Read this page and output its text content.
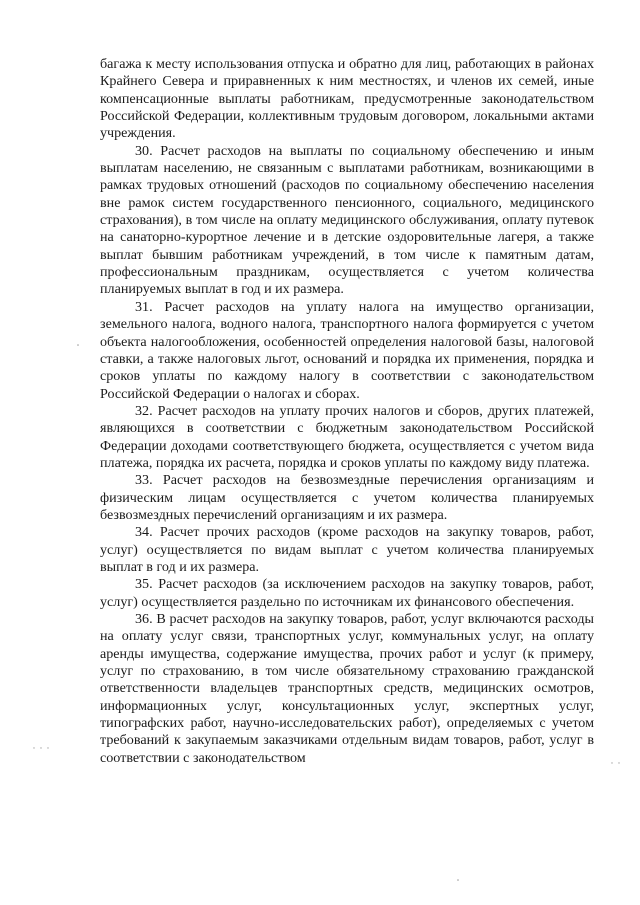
багажа к месту использования отпуска и обратно для лиц, работающих в районах Крайнего Севера и приравненных к ним местностях, и членов их семей, иные компенсационные выплаты работникам, предусмотренные законодательством Российской Федерации, коллективным трудовым договором, локальными актами учреждения.

30. Расчет расходов на выплаты по социальному обеспечению и иным выплатам населению, не связанным с выплатами работникам, возникающими в рамках трудовых отношений (расходов по социальному обеспечению населения вне рамок систем государственного пенсионного, социального, медицинского страхования), в том числе на оплату медицинского обслуживания, оплату путевок на санаторно-курортное лечение и в детские оздоровительные лагеря, а также выплат бывшим работникам учреждений, в том числе к памятным датам, профессиональным праздникам, осуществляется с учетом количества планируемых выплат в год и их размера.

31. Расчет расходов на уплату налога на имущество организации, земельного налога, водного налога, транспортного налога формируется с учетом объекта налогообложения, особенностей определения налоговой базы, налоговой ставки, а также налоговых льгот, оснований и порядка их применения, порядка и сроков уплаты по каждому налогу в соответствии с законодательством Российской Федерации о налогах и сборах.

32. Расчет расходов на уплату прочих налогов и сборов, других платежей, являющихся в соответствии с бюджетным законодательством Российской Федерации доходами соответствующего бюджета, осуществляется с учетом вида платежа, порядка их расчета, порядка и сроков уплаты по каждому виду платежа.

33. Расчет расходов на безвозмездные перечисления организациям и физическим лицам осуществляется с учетом количества планируемых безвозмездных перечислений организациям и их размера.

34. Расчет прочих расходов (кроме расходов на закупку товаров, работ, услуг) осуществляется по видам выплат с учетом количества планируемых выплат в год и их размера.

35. Расчет расходов (за исключением расходов на закупку товаров, работ, услуг) осуществляется раздельно по источникам их финансового обеспечения.

36. В расчет расходов на закупку товаров, работ, услуг включаются расходы на оплату услуг связи, транспортных услуг, коммунальных услуг, на оплату аренды имущества, содержание имущества, прочих работ и услуг (к примеру, услуг по страхованию, в том числе обязательному страхованию гражданской ответственности владельцев транспортных средств, медицинских осмотров, информационных услуг, консультационных услуг, экспертных услуг, типографских работ, научно-исследовательских работ), определяемых с учетом требований к закупаемым заказчиками отдельным видам товаров, работ, услуг в соответствии с законодательством
